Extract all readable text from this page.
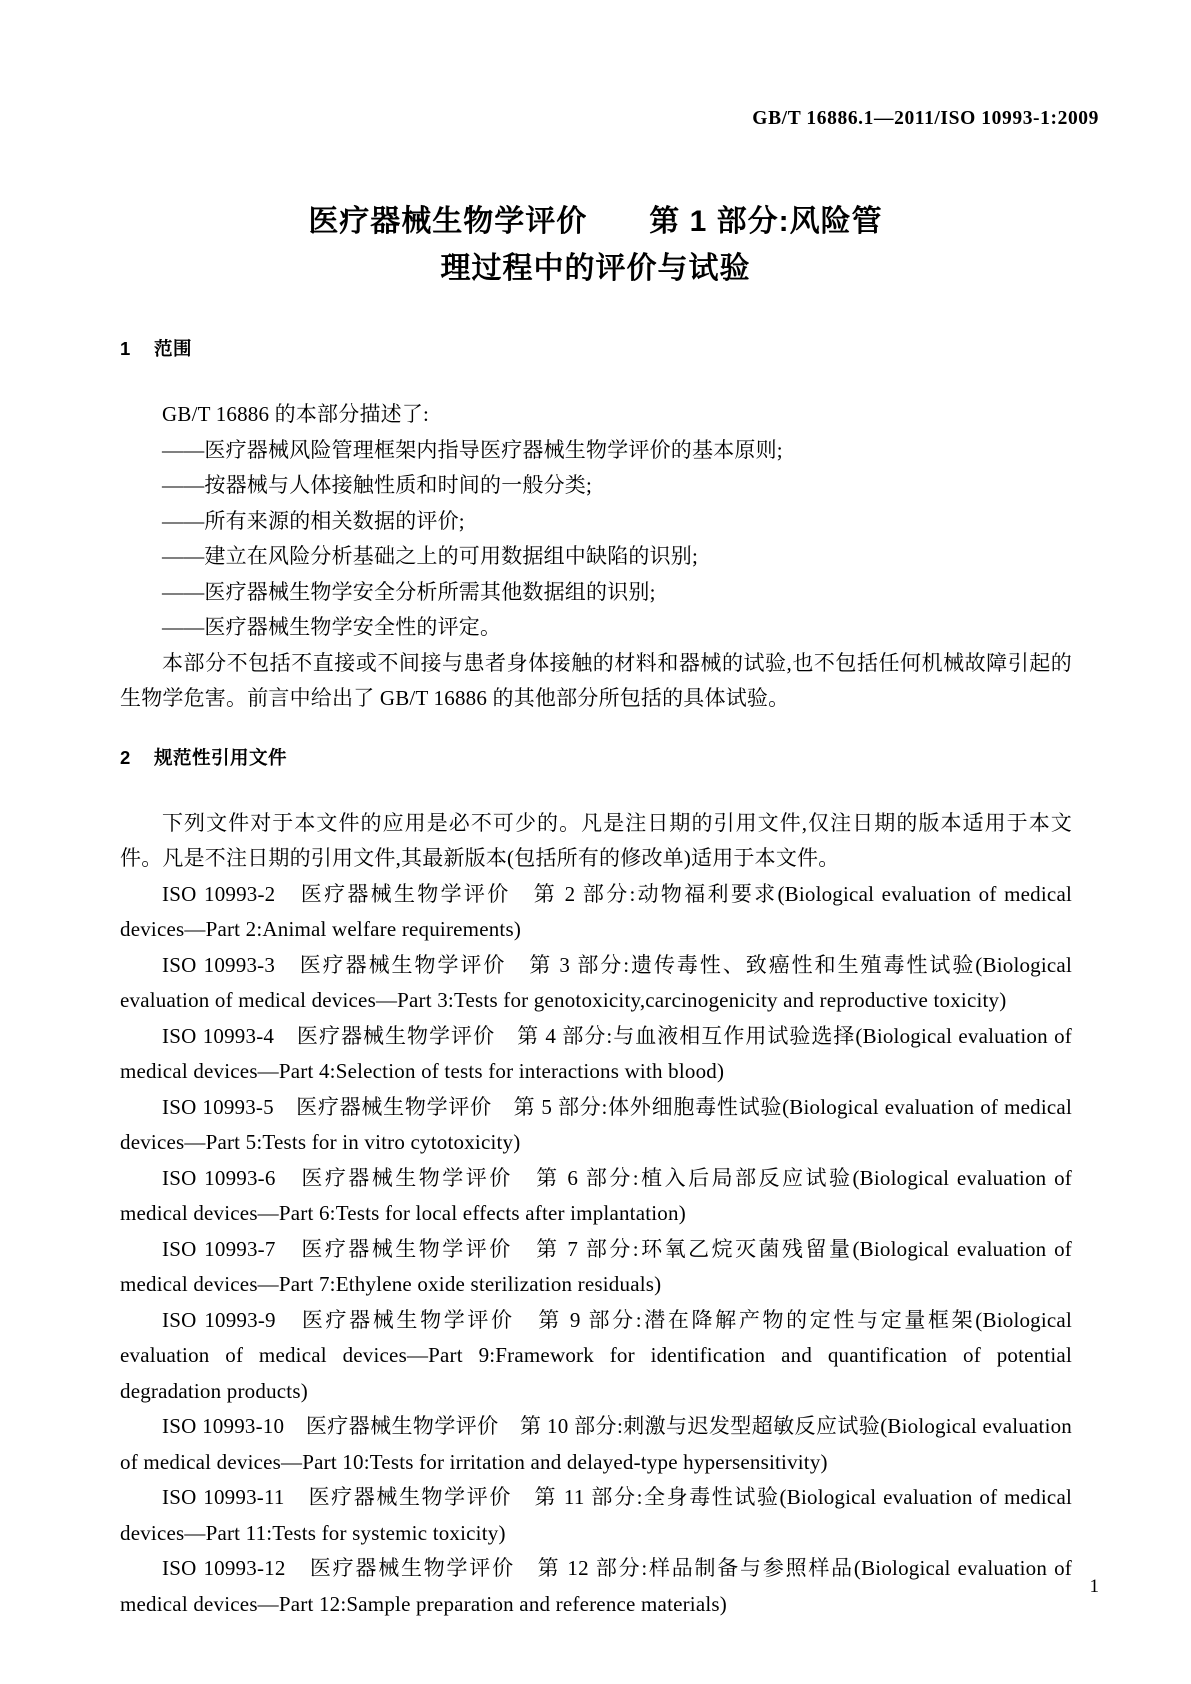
GB/T 16886.1—2011/ISO 10993-1:2009
医疗器械生物学评价　　第 1 部分:风险管
理过程中的评价与试验
1 范围

GB/T 16886 的本部分描述了:

——医疗器械风险管理框架内指导医疗器械生物学评价的基本原则;

——按器械与人体接触性质和时间的一般分类;

——所有来源的相关数据的评价;

——建立在风险分析基础之上的可用数据组中缺陷的识别;

——医疗器械生物学安全分析所需其他数据组的识别;

——医疗器械生物学安全性的评定。

本部分不包括不直接或不间接与患者身体接触的材料和器械的试验,也不包括任何机械故障引起的生物学危害。前言中给出了 GB/T 16886 的其他部分所包括的具体试验。

2 规范性引用文件

下列文件对于本文件的应用是必不可少的。凡是注日期的引用文件,仅注日期的版本适用于本文件。凡是不注日期的引用文件,其最新版本(包括所有的修改单)适用于本文件。

ISO 10993-2　医疗器械生物学评价　第 2 部分:动物福利要求(Biological evaluation of medical devices—Part 2:Animal welfare requirements)

ISO 10993-3　医疗器械生物学评价　第 3 部分:遗传毒性、致癌性和生殖毒性试验(Biological evaluation of medical devices—Part 3:Tests for genotoxicity,carcinogenicity and reproductive toxicity)

ISO 10993-4　医疗器械生物学评价　第 4 部分:与血液相互作用试验选择(Biological evaluation of medical devices—Part 4:Selection of tests for interactions with blood)

ISO 10993-5　医疗器械生物学评价　第 5 部分:体外细胞毒性试验(Biological evaluation of medical devices—Part 5:Tests for in vitro cytotoxicity)

ISO 10993-6　医疗器械生物学评价　第 6 部分:植入后局部反应试验(Biological evaluation of medical devices—Part 6:Tests for local effects after implantation)

ISO 10993-7　医疗器械生物学评价　第 7 部分:环氧乙烷灭菌残留量(Biological evaluation of medical devices—Part 7:Ethylene oxide sterilization residuals)

ISO 10993-9　医疗器械生物学评价　第 9 部分:潜在降解产物的定性与定量框架(Biological evaluation of medical devices—Part 9:Framework for identification and quantification of potential degradation products)

ISO 10993-10　医疗器械生物学评价　第 10 部分:刺激与迟发型超敏反应试验(Biological evaluation of medical devices—Part 10:Tests for irritation and delayed-type hypersensitivity)

ISO 10993-11　医疗器械生物学评价　第 11 部分:全身毒性试验(Biological evaluation of medical devices—Part 11:Tests for systemic toxicity)

ISO 10993-12　医疗器械生物学评价　第 12 部分:样品制备与参照样品(Biological evaluation of medical devices—Part 12:Sample preparation and reference materials)

1
